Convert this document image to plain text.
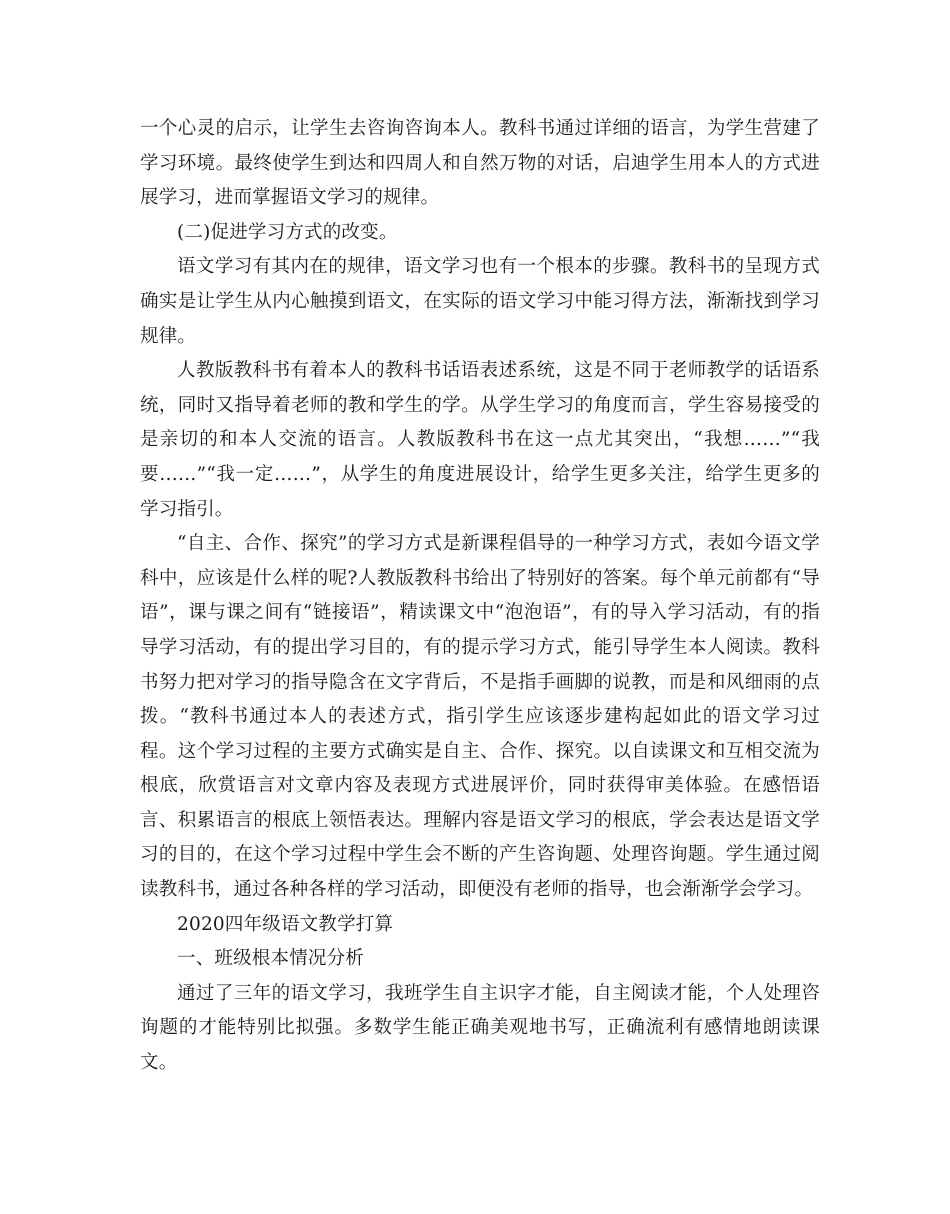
一个心灵的启示，让学生去咨询咨询本人。教科书通过详细的语言，为学生营建了学习环境。最终使学生到达和四周人和自然万物的对话，启迪学生用本人的方式进展学习，进而掌握语文学习的规律。

(二)促进学习方式的改变。

语文学习有其内在的规律，语文学习也有一个根本的步骤。教科书的呈现方式确实是让学生从内心触摸到语文，在实际的语文学习中能习得方法，渐渐找到学习规律。

人教版教科书有着本人的教科书话语表述系统，这是不同于老师教学的话语系统，同时又指导着老师的教和学生的学。从学生学习的角度而言，学生容易接受的是亲切的和本人交流的语言。人教版教科书在这一点尤其突出，“我想……”“我要……”“我一定……”，从学生的角度进展设计，给学生更多关注，给学生更多的学习指引。

“自主、合作、探究”的学习方式是新课程倡导的一种学习方式，表如今语文学科中，应该是什么样的呢?人教版教科书给出了特别好的答案。每个单元前都有“导语”，课与课之间有“链接语”，精读课文中“泡泡语”，有的导入学习活动，有的指导学习活动，有的提出学习目的，有的提示学习方式，能引导学生本人阅读。教科书努力把对学习的指导隐含在文字背后，不是指手画脚的说教，而是和风细雨的点拨。“教科书通过本人的表述方式，指引学生应该逐步建构起如此的语文学习过程。这个学习过程的主要方式确实是自主、合作、探究。以自读课文和互相交流为根底，欣赏语言对文章内容及表现方式进展评价，同时获得审美体验。在感悟语言、积累语言的根底上领悟表达。理解内容是语文学习的根底，学会表达是语文学习的目的，在这个学习过程中学生会不断的产生咨询题、处理咨询题。学生通过阅读教科书，通过各种各样的学习活动，即便没有老师的指导，也会渐渐学会学习。

2020四年级语文教学打算

一、班级根本情况分析

通过了三年的语文学习，我班学生自主识字才能，自主阅读才能，个人处理咨询题的才能特别比拟强。多数学生能正确美观地书写，正确流利有感情地朗读课文。
